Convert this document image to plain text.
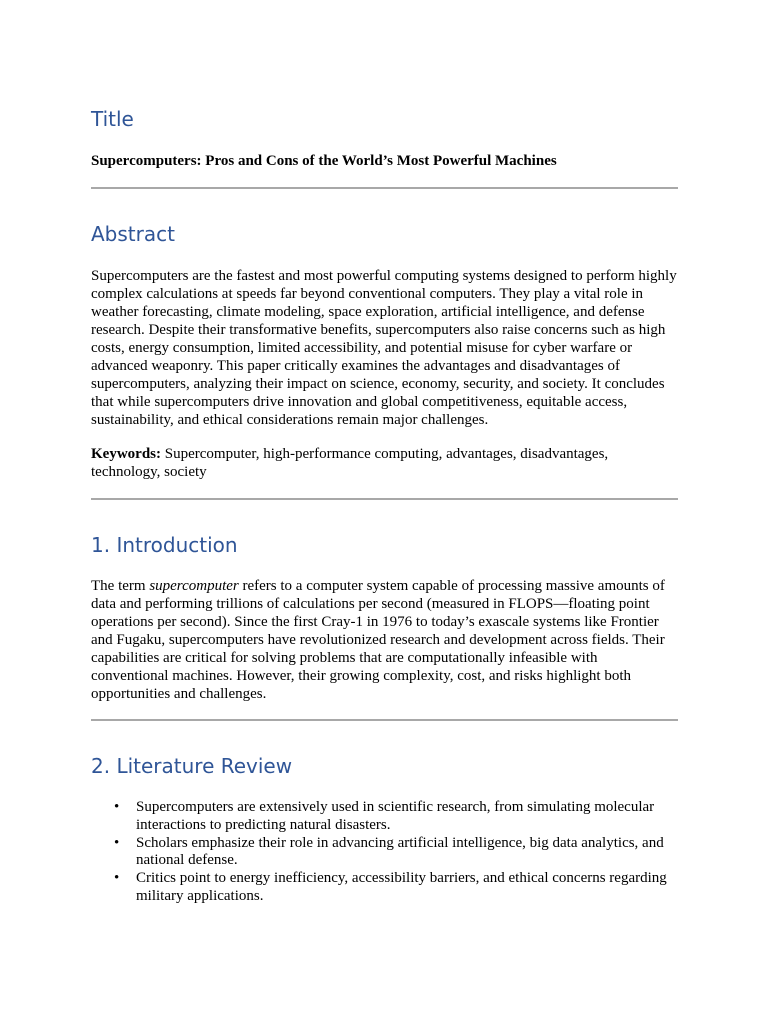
Title

Supercomputers: Pros and Cons of the World’s Most Powerful Machines

Abstract

Supercomputers are the fastest and most powerful computing systems designed to perform highly complex calculations at speeds far beyond conventional computers. They play a vital role in weather forecasting, climate modeling, space exploration, artificial intelligence, and defense research. Despite their transformative benefits, supercomputers also raise concerns such as high costs, energy consumption, limited accessibility, and potential misuse for cyber warfare or advanced weaponry. This paper critically examines the advantages and disadvantages of supercomputers, analyzing their impact on science, economy, security, and society. It concludes that while supercomputers drive innovation and global competitiveness, equitable access, sustainability, and ethical considerations remain major challenges.

Keywords: Supercomputer, high-performance computing, advantages, disadvantages, technology, society

1. Introduction

The term supercomputer refers to a computer system capable of processing massive amounts of data and performing trillions of calculations per second (measured in FLOPS—floating point operations per second). Since the first Cray-1 in 1976 to today’s exascale systems like Frontier and Fugaku, supercomputers have revolutionized research and development across fields. Their capabilities are critical for solving problems that are computationally infeasible with conventional machines. However, their growing complexity, cost, and risks highlight both opportunities and challenges.

2. Literature Review
• Supercomputers are extensively used in scientific research, from simulating molecular interactions to predicting natural disasters.
• Scholars emphasize their role in advancing artificial intelligence, big data analytics, and national defense.
• Critics point to energy inefficiency, accessibility barriers, and ethical concerns regarding military applications.
